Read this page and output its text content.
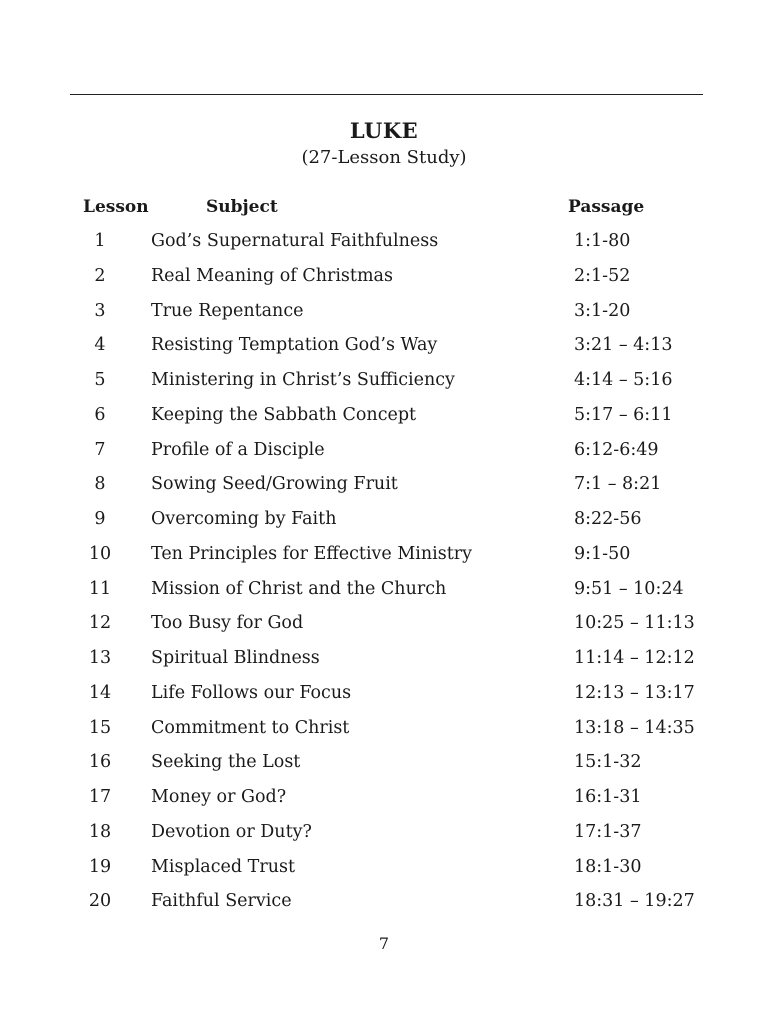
LUKE
(27-Lesson Study)
Lesson	Subject	Passage
1	God’s Supernatural Faithfulness	1:1-80
2	Real Meaning of Christmas	2:1-52
3	True Repentance	3:1-20
4	Resisting Temptation God’s Way	3:21 – 4:13
5	Ministering in Christ’s Sufficiency	4:14 – 5:16
6	Keeping the Sabbath Concept	5:17 – 6:11
7	Profile of a Disciple	6:12-6:49
8	Sowing Seed/Growing Fruit	7:1 – 8:21
9	Overcoming by Faith	8:22-56
10	Ten Principles for Effective Ministry	9:1-50
11	Mission of Christ and the Church	9:51 – 10:24
12	Too Busy for God	10:25 – 11:13
13	Spiritual Blindness	11:14 – 12:12
14	Life Follows our Focus	12:13 – 13:17
15	Commitment to Christ	13:18 – 14:35
16	Seeking the Lost	15:1-32
17	Money or God?	16:1-31
18	Devotion or Duty?	17:1-37
19	Misplaced Trust	18:1-30
20	Faithful Service	18:31 – 19:27
7
